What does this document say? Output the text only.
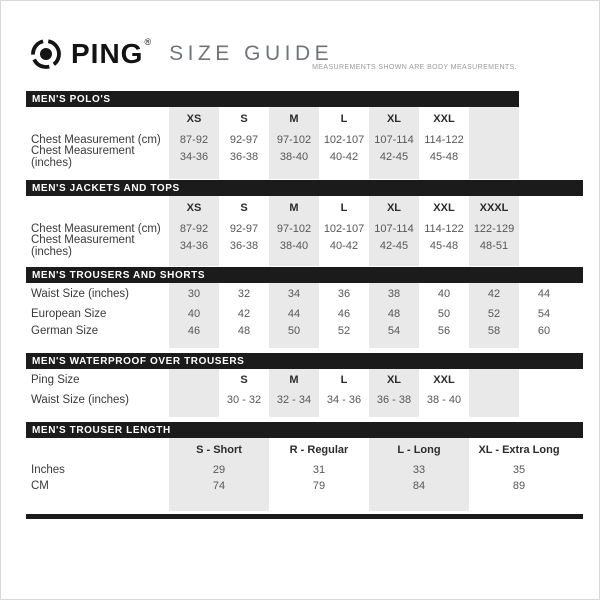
PING ® SIZE GUIDE
MEASUREMENTS SHOWN ARE BODY MEASUREMENTS.
MEN'S POLO'S
XS	S	M	L	XL	XXL
Chest Measurement (cm)	87-92	92-97	97-102	102-107 107-114 114-122
Chest Measurement (inches)	34-36	36-38	38-40	40-42	42-45	45-48
MEN'S JACKETS AND TOPS
XS	S	M	L	XL	XXL	XXXL
Chest Measurement (cm)	87-92	92-97	97-102	102-107 107-114 114-122 122-129
Chest Measurement (inches)	34-36	36-38	38-40	40-42	42-45	45-48	48-51
MEN'S TROUSERS AND SHORTS
Waist Size (inches)	30	32	34	36	38	40	42	44
European Size	40	42	44	46	48	50	52	54
German Size	46	48	50	52	54	56	58	60
MEN'S WATERPROOF OVER TROUSERS
Ping Size	S	M	L	XL	XXL
Waist Size (inches)	30 - 32	32 - 34	34 - 36	36 - 38	38 - 40
MEN'S TROUSER LENGTH
S - Short	R - Regular	L - Long	XL - Extra Long
Inches	29	31	33	35
CM	74	79	84	89
